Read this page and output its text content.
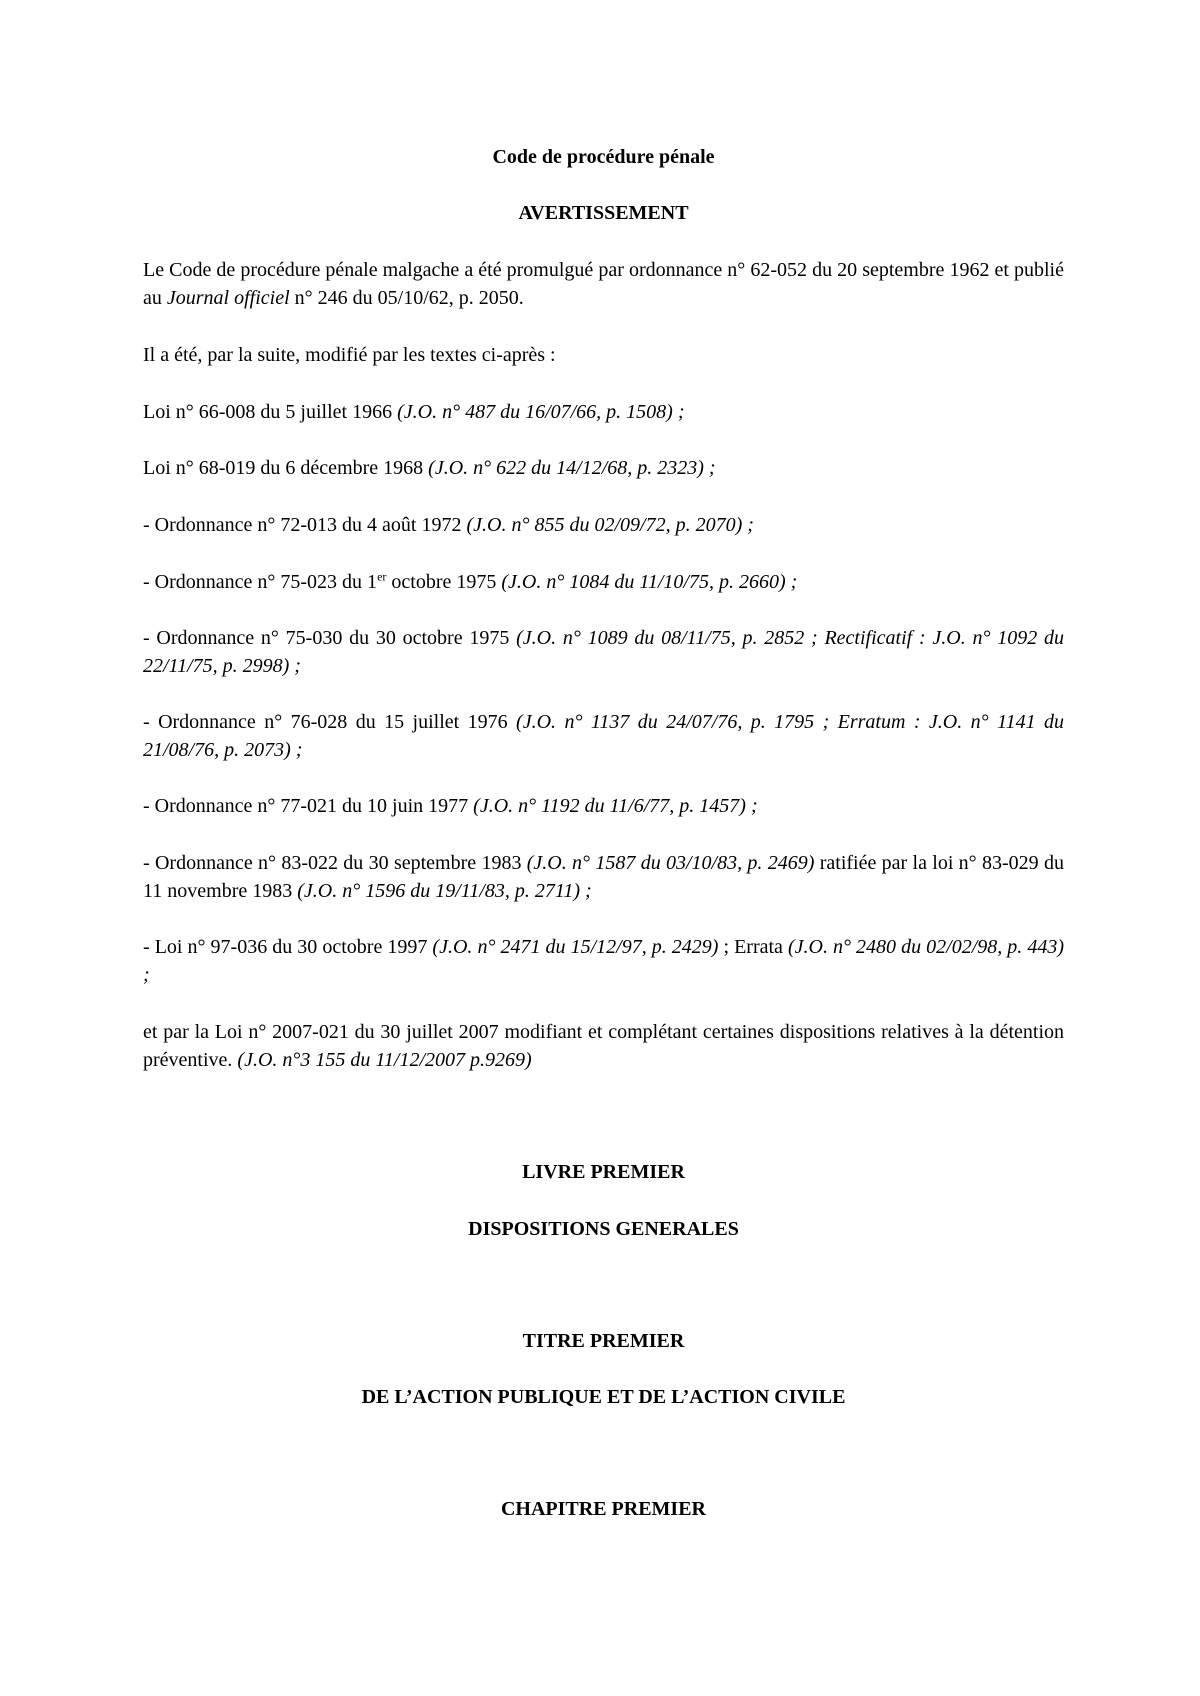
Code de procédure pénale
AVERTISSEMENT
Le Code de procédure pénale malgache a été promulgué par ordonnance n° 62-052 du 20 septembre 1962 et publié au Journal officiel n° 246 du 05/10/62, p. 2050.
Il a été, par la suite, modifié par les textes ci-après :
Loi n° 66-008 du 5 juillet 1966 (J.O. n° 487 du 16/07/66, p. 1508) ;
Loi n° 68-019 du 6 décembre 1968 (J.O. n° 622 du 14/12/68, p. 2323) ;
- Ordonnance n° 72-013 du 4 août 1972 (J.O. n° 855 du 02/09/72, p. 2070) ;
- Ordonnance n° 75-023 du 1er octobre 1975 (J.O. n° 1084 du 11/10/75, p. 2660) ;
- Ordonnance n° 75-030 du 30 octobre 1975 (J.O. n° 1089 du 08/11/75, p. 2852 ; Rectificatif : J.O. n° 1092 du 22/11/75, p. 2998) ;
- Ordonnance n° 76-028 du 15 juillet 1976 (J.O. n° 1137 du 24/07/76, p. 1795 ; Erratum : J.O. n° 1141 du 21/08/76, p. 2073) ;
- Ordonnance n° 77-021 du 10 juin 1977 (J.O. n° 1192 du 11/6/77, p. 1457) ;
- Ordonnance n° 83-022 du 30 septembre 1983 (J.O. n° 1587 du 03/10/83, p. 2469) ratifiée par la loi n° 83-029 du 11 novembre 1983 (J.O. n° 1596 du 19/11/83, p. 2711) ;
- Loi n° 97-036 du 30 octobre 1997 (J.O. n° 2471 du 15/12/97, p. 2429) ; Errata (J.O. n° 2480 du 02/02/98, p. 443) ;
et par la Loi n° 2007-021 du 30 juillet 2007 modifiant et complétant certaines dispositions relatives à la détention préventive. (J.O. n°3 155 du 11/12/2007 p.9269)
LIVRE PREMIER
DISPOSITIONS GENERALES
TITRE PREMIER
DE L’ACTION PUBLIQUE ET DE L’ACTION CIVILE
CHAPITRE PREMIER
